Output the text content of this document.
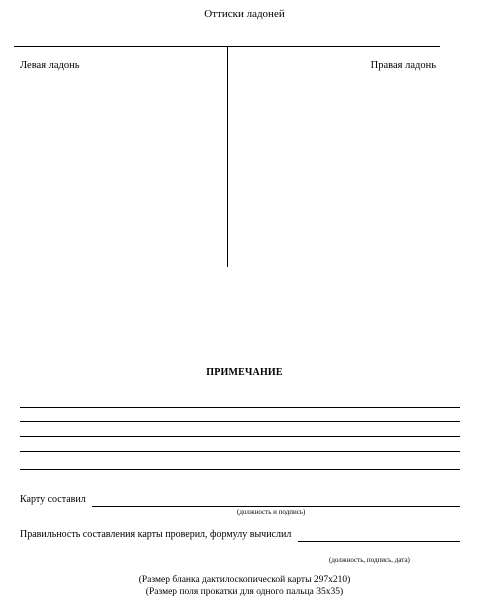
Оттиски ладоней
Левая ладонь	Правая ладонь
ПРИМЕЧАНИЕ
Карту составил
(должность и подпись)
Правильность составления карты проверил, формулу вычислил
(должность, подпись, дата)
(Размер бланка дактилоскопической карты 297х210)
(Размер поля прокатки для одного пальца 35х35)
